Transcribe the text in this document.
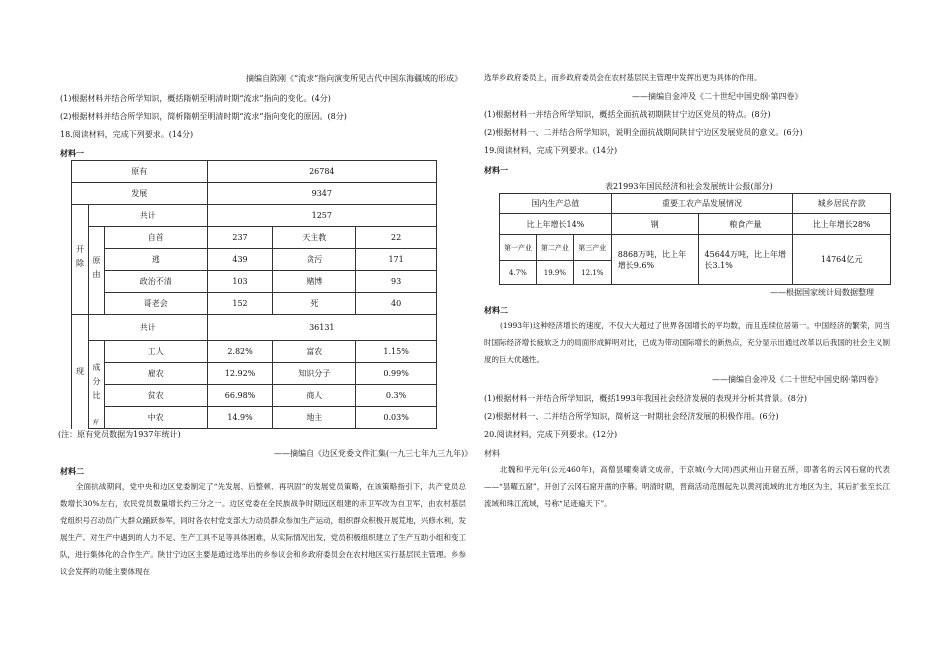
摘编自陈刚《“流求”指向演变所见古代中国东海疆域的形成》
(1)根据材料并结合所学知识，概括隋朝至明清时期“流求”指向的变化。(4分)
(2)根据材料并结合所学知识，简析隋朝至明清时期“流求”指向变化的原因。(8分)
18.阅读材料，完成下列要求。(14分)
材料一
原有			26784		
发展			9347		
开除	共计		1257		
	原由	自首	237	天主教	22
		逃	439	贪污	171
		政治不清	103	赌博	93
		哥老会	152	死	40
现	共计		36131		
	成分比	工人	2.82%	富农	1.15%
		雇农	12.92%	知识分子	0.99%
		贫农	66.98%	商人	0.3%
		中农	14.9%	地主	0.03%
有
(注：原有党员数据为1937年统计)
——摘编自《边区党委文件汇集(一九三七年九三九年)》
材料二
全面抗战期间，党中央和边区党委制定了“先发展、后整顿、再巩固”的发展党员策略，在该策略指引下，共产党员总数增长30%左右，农民党员数量增长约三分之一。边区党委在全民族战争时期远区组建的赤卫军改为自卫军，由农村基层党组织号召动员广大群众踊跃参军，同时各农村党支部大力动员群众参加生产运动，组织群众积极开展荒地，兴修水利，发展生产。对生产中遇到的人力不足、生产工具不足等具体困难，从实际情况出发，党员积极组织建立了生产互助小组和变工队，进行集体化的合作生产。陕甘宁边区主要是通过选举出的乡参议会和乡政府委员会在农村地区实行基层民主管理。乡参议会发挥的功能主要体现在
选举乡政府委员上，而乡政府委员会在农村基层民主管理中发挥出更为具体的作用。
——摘编自金冲及《二十世纪中国史纲·第四卷》
(1)根据材料一并结合所学知识，概括全面抗战初期陕甘宁边区党员的特点。(8分)
(2)根据材料一、二并结合所学知识，说明全面抗战期间陕甘宁边区发展党员的意义。(6分)
19.阅读材料，完成下列要求。(14分)
材料一
表21993年国民经济和社会发展统计公报(部分)
国内生产总值			重要工农产品发展情况		城乡居民存款
比上年增长14%			钢	粮食产量	比上年增长28%
第一产业	第二产业	第三产业	8868万吨，比上年增长9.6%	45644万吨，比上年增长3.1%	14764亿元
4.7%	19.9%	12.1%			
——根据国家统计局数据整理
材料二
(1993年)这种经济增长的速度，不仅大大超过了世界各国增长的平均数，而且连续位居第一。中国经济的繁荣，同当时国际经济增长疲软乏力的局面形成鲜明对比，已成为带动国际增长的新热点，充分显示出通过改革以后我国的社会主义制度的巨大优越性。
——摘编自金冲及《二十世纪中国史纲·第四卷》
(1)根据材料一并结合所学知识，概括1993年我国社会经济发展的表现并分析其背景。(8分)
(2)根据材料一、二并结合所学知识，简析这一时期社会经济发展的积极作用。(6分)
20.阅读材料，完成下列要求。(12分)
材料
北魏和平元年(公元460年)，高僧昙曜奏请文成帝，于京城(今大同)西武州山开窟五所，即著名的云冈石窟的代表——“昙曜五窟”，开创了云冈石窟开凿的序幕。明清时期，晋商活动范围起先以黄河流域的北方地区为主，其后扩张至长江流域和珠江流域，号称“足迹遍天下”。
